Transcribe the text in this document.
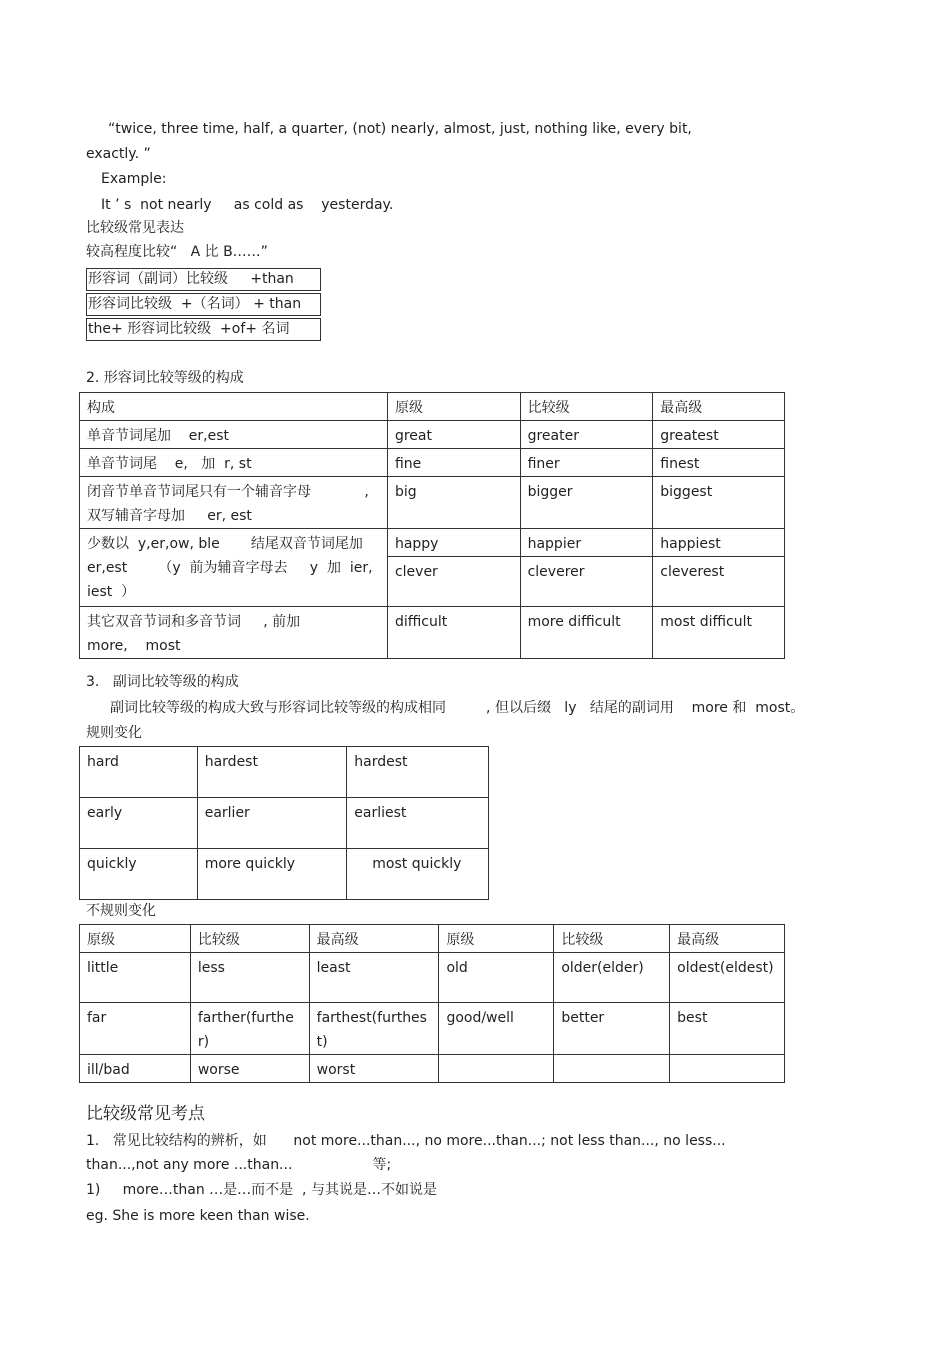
“twice, three time, half, a quarter, (not) nearly, almost, just, nothing like, every bit,
exactly. ”
Example:
It ’ s  not nearly     as cold as    yesterday.
比较级常见表达
较高程度比较“   A 比 B……”
形容词（副词）比较级     +than
形容词比较级  +（名词） + than
the+ 形容词比较级  +of+ 名词
2. 形容词比较等级的构成
构成	原级	比较级	最高级
单音节词尾加    er,est	great	greater	greatest
单音节词尾    e,   加  r, st	fine	finer	finest

闭音节单音节词尾只有一个辅音字母            ,
双写辅音字母加     er, est	big	bigger	biggest

少数以  y,er,ow, ble       结尾双音节词尾加
er,est       （y  前为辅音字母去     y  加  ier,
iest  ）	happy	happier	happiest
	clever	cleverer	cleverest

其它双音节词和多音节词     , 前加
more,    most	difficult	more difficult	most difficult
3.   副词比较等级的构成
副词比较等级的构成大致与形容词比较等级的构成相同         , 但以后缀   ly   结尾的副词用    more 和  most。
规则变化
hard	hardest	hardest
early	earlier	earliest
quickly	more quickly	most quickly
不规则变化
原级	比较级	最高级	原级	比较级	最高级
little	less	least	old	older(elder)	oldest(eldest)
far	farther(further)	farthest(furthest)	good/well	better	best
ill/bad	worse	worst			
比较级常见考点
1.   常见比较结构的辨析，如      not more...than..., no more...than...; not less than..., no less...
than...,not any more ...than...                  等;
1)     more…than …是…而不是  , 与其说是…不如说是
eg. She is more keen than wise.
